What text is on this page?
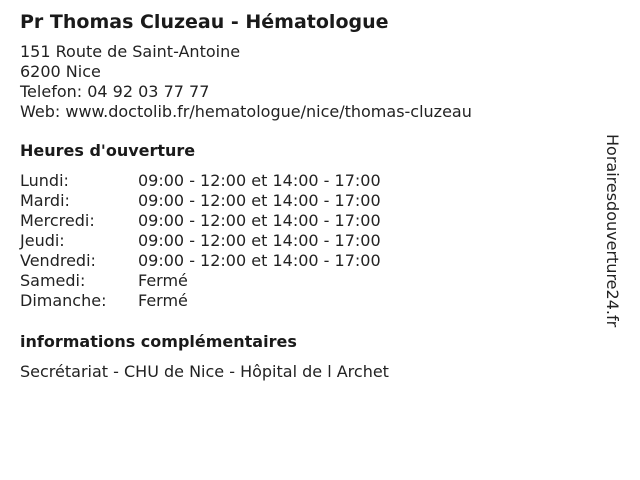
Pr Thomas Cluzeau - Hématologue
151 Route de Saint-Antoine
6200 Nice
Telefon: 04 92 03 77 77
Web: www.doctolib.fr/hematologue/nice/thomas-cluzeau
Heures d'ouverture
Lundi:	09:00 - 12:00 et 14:00 - 17:00
Mardi:	09:00 - 12:00 et 14:00 - 17:00
Mercredi:	09:00 - 12:00 et 14:00 - 17:00
Jeudi:	09:00 - 12:00 et 14:00 - 17:00
Vendredi:	09:00 - 12:00 et 14:00 - 17:00
Samedi:	Fermé
Dimanche:	Fermé
informations complémentaires
Secrétariat - CHU de Nice - Hôpital de l Archet
Horairesdouverture24.fr
